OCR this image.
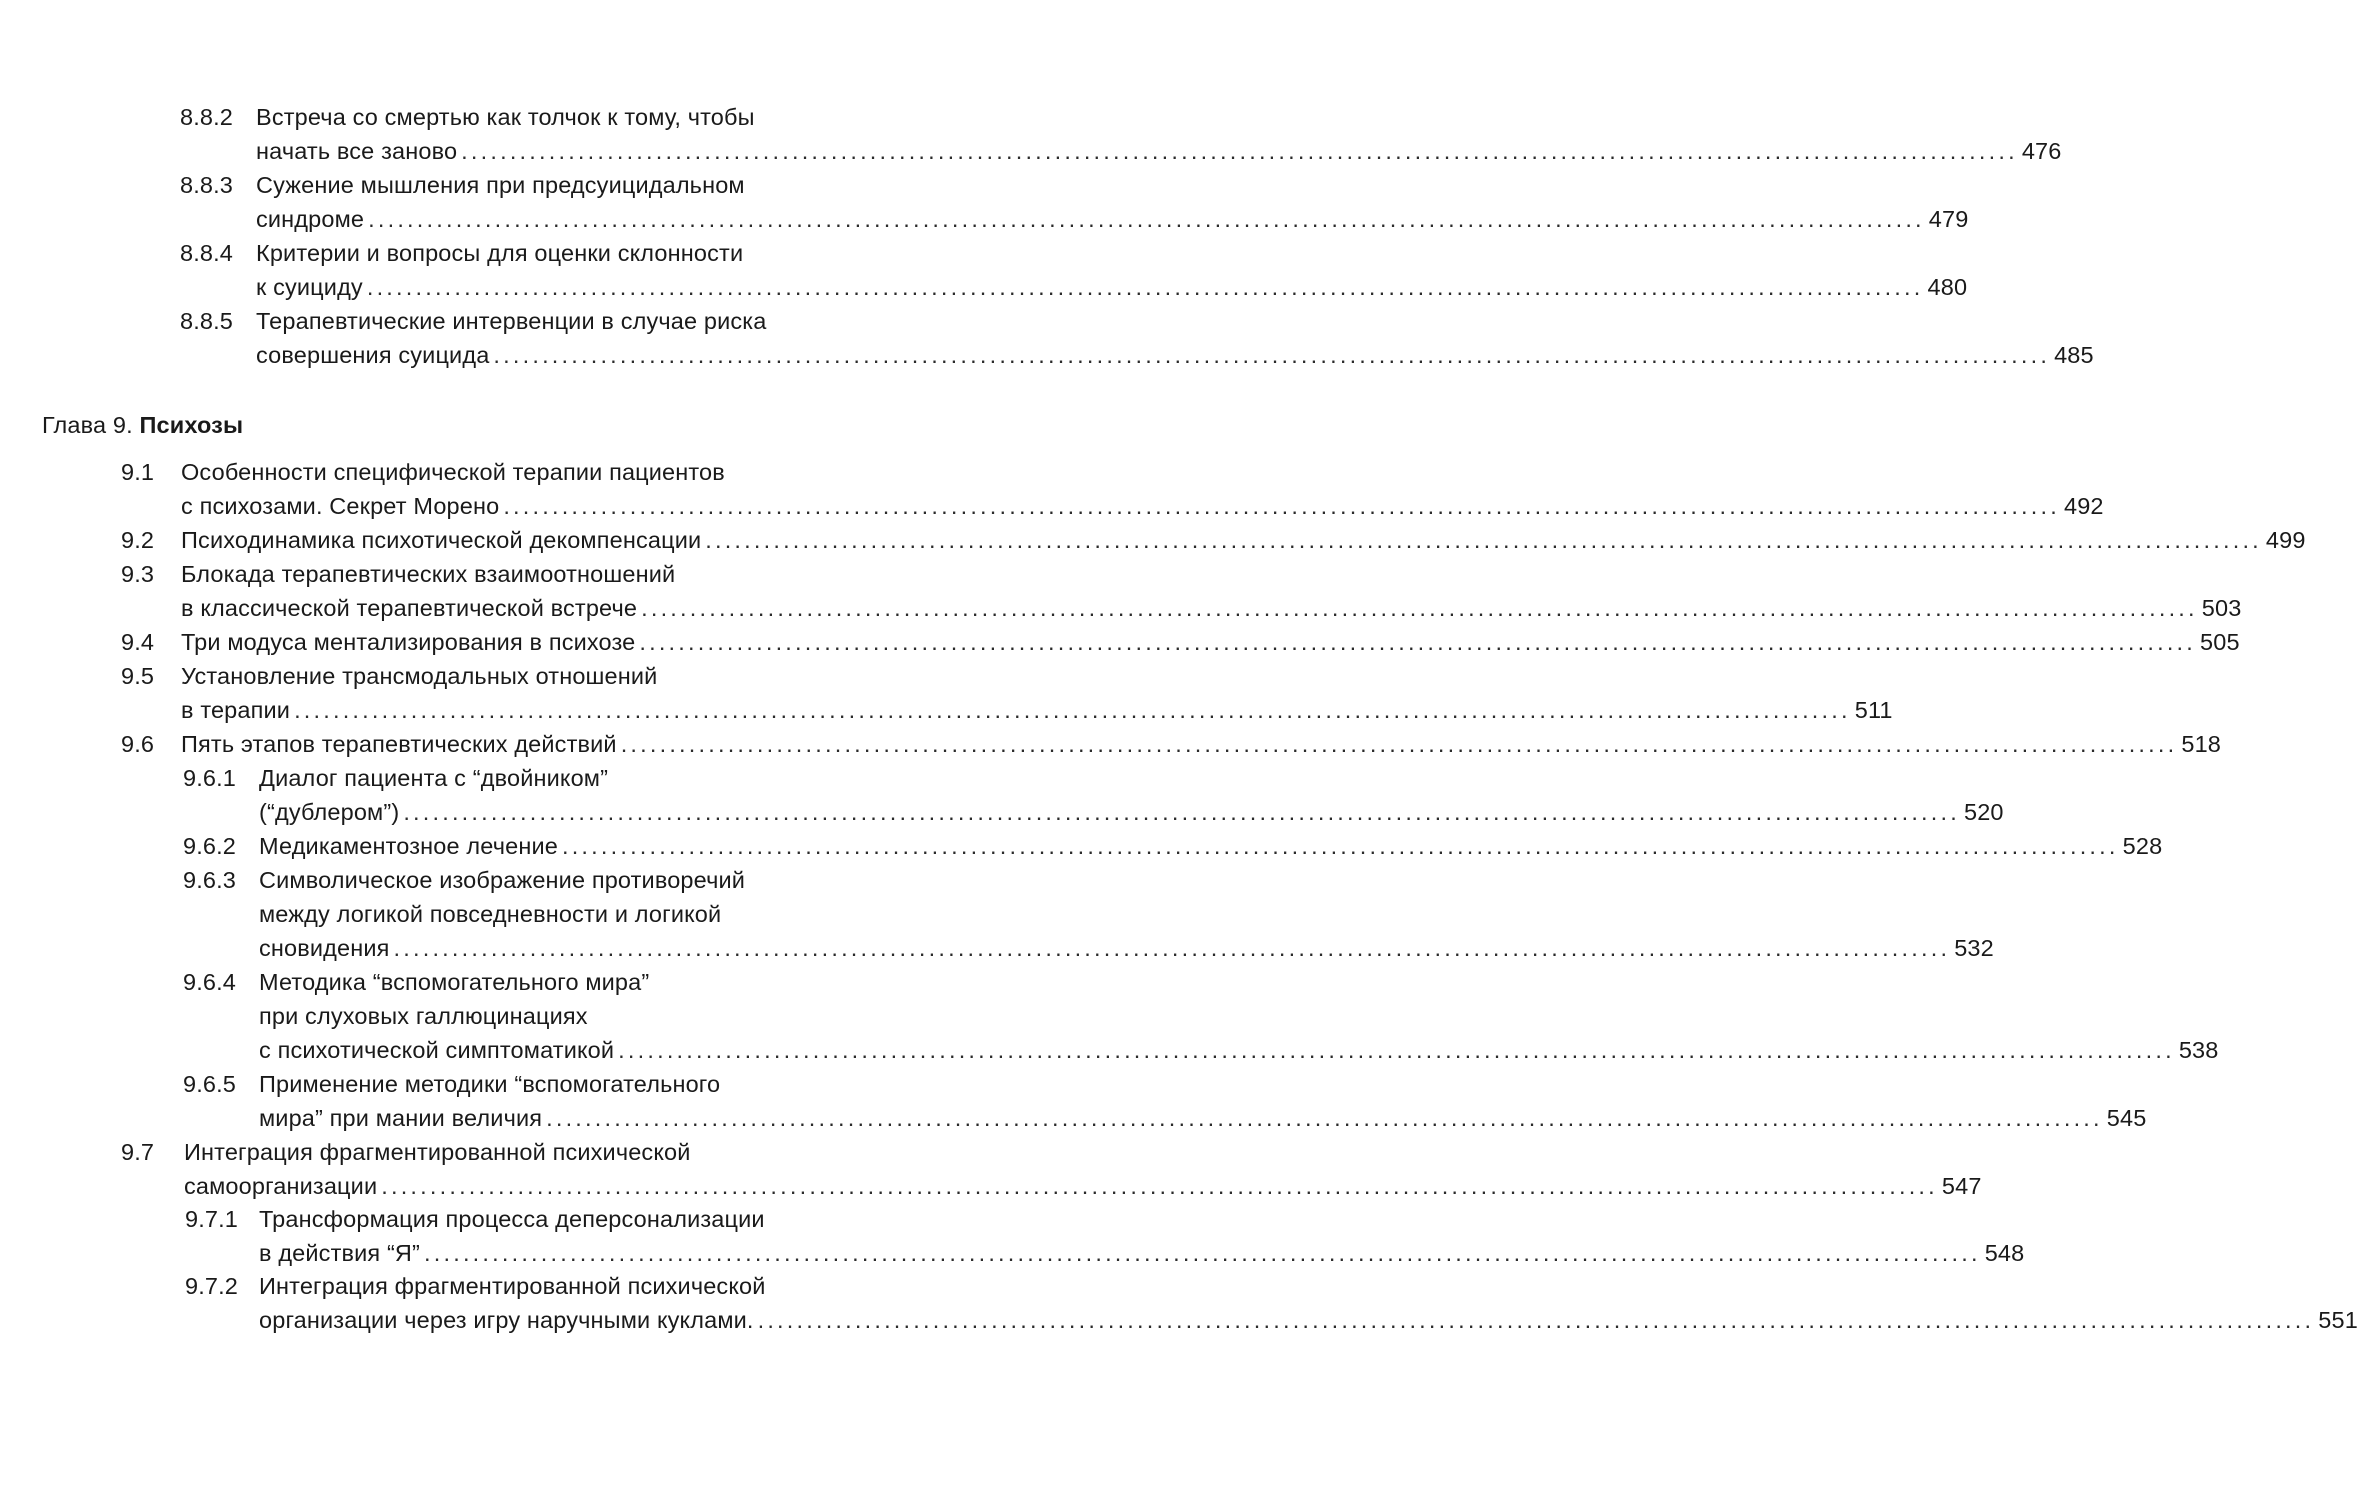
8.8.2 Встреча со смертью как толчок к тому, чтобы
начать все заново ................................................................................................................................................................ 476
8.8.3 Сужение мышления при предсуицидальном
синдроме ................................................................................................................................................................ 479
8.8.4 Критерии и вопросы для оценки склонности
к суициду ................................................................................................................................................................ 480
8.8.5 Терапевтические интервенции в случае риска
совершения суицида ................................................................................................................................................................ 485
Глава 9. Психозы
9.1 Особенности специфической терапии пациентов
с психозами. Секрет Морено ................................................................................................................................................................ 492
9.2 Психодинамика психотической декомпенсации ................................................................................................................................................................ 499
9.3 Блокада терапевтических взаимоотношений
в классической терапевтической встрече ................................................................................................................................................................ 503
9.4 Три модуса ментализирования в психозе ................................................................................................................................................................ 505
9.5 Установление трансмодальных отношений
в терапии ................................................................................................................................................................ 511
9.6 Пять этапов терапевтических действий ................................................................................................................................................................ 518
9.6.1 Диалог пациента с “двойником”
(“дублером”) ................................................................................................................................................................ 520
9.6.2 Медикаментозное лечение ................................................................................................................................................................ 528
9.6.3 Символическое изображение противоречий
между логикой повседневности и логикой
сновидения ................................................................................................................................................................ 532
9.6.4 Методика “вспомогательного мира”
при слуховых галлюцинациях
с психотической симптоматикой ................................................................................................................................................................ 538
9.6.5 Применение методики “вспомогательного
мира” при мании величия ................................................................................................................................................................ 545
9.7 Интеграция фрагментированной психической
самоорганизации ................................................................................................................................................................ 547
9.7.1 Трансформация процесса деперсонализации
в действия “Я” ................................................................................................................................................................ 548
9.7.2 Интеграция фрагментированной психической
организации через игру наручными куклами. ................................................................................................................................................................ 551
